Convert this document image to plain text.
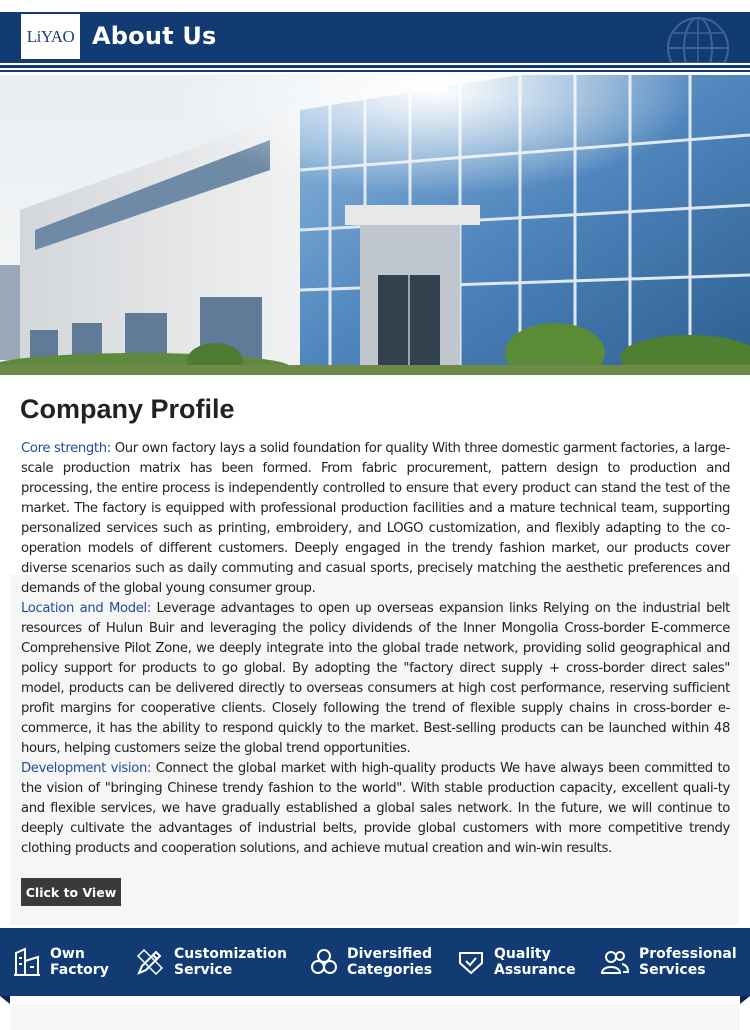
LiYAO About Us
Company Profile

Core strength: Our own factory lays a solid foundation for quality With three domestic garment factories, a large-scale production matrix has been formed. From fabric procurement, pattern design to production and processing, the entire process is independently controlled to ensure that every product can stand the test of the market. The factory is equipped with professional production facilities and a mature technical team, supporting personalized services such as printing, embroidery, and LOGO customization, and flexibly adapting to the co-operation models of different customers. Deeply engaged in the trendy fashion market, our products cover diverse scenarios such as daily commuting and casual sports, precisely matching the aesthetic preferences and demands of the global young consumer group.

Location and Model: Leverage advantages to open up overseas expansion links Relying on the industrial belt resources of Hulun Buir and leveraging the policy dividends of the Inner Mongolia Cross-border E-commerce Comprehensive Pilot Zone, we deeply integrate into the global trade network, providing solid geographical and policy support for products to go global. By adopting the "factory direct supply + cross-border direct sales" model, products can be delivered directly to overseas consumers at high cost performance, reserving sufficient profit margins for cooperative clients. Closely following the trend of flexible supply chains in cross-border e-commerce, it has the ability to respond quickly to the market. Best-selling products can be launched within 48 hours, helping customers seize the global trend opportunities.

Development vision: Connect the global market with high-quality products We have always been committed to the vision of "bringing Chinese trendy fashion to the world". With stable production capacity, excellent quali-ty and flexible services, we have gradually established a global sales network. In the future, we will continue to deeply cultivate the advantages of industrial belts, provide global customers with more competitive trendy clothing products and cooperation solutions, and achieve mutual creation and win-win results.

Click to View
Own
Factory
Customization
Service
Diversified
Categories
Quality
Assurance
Professional
Services
